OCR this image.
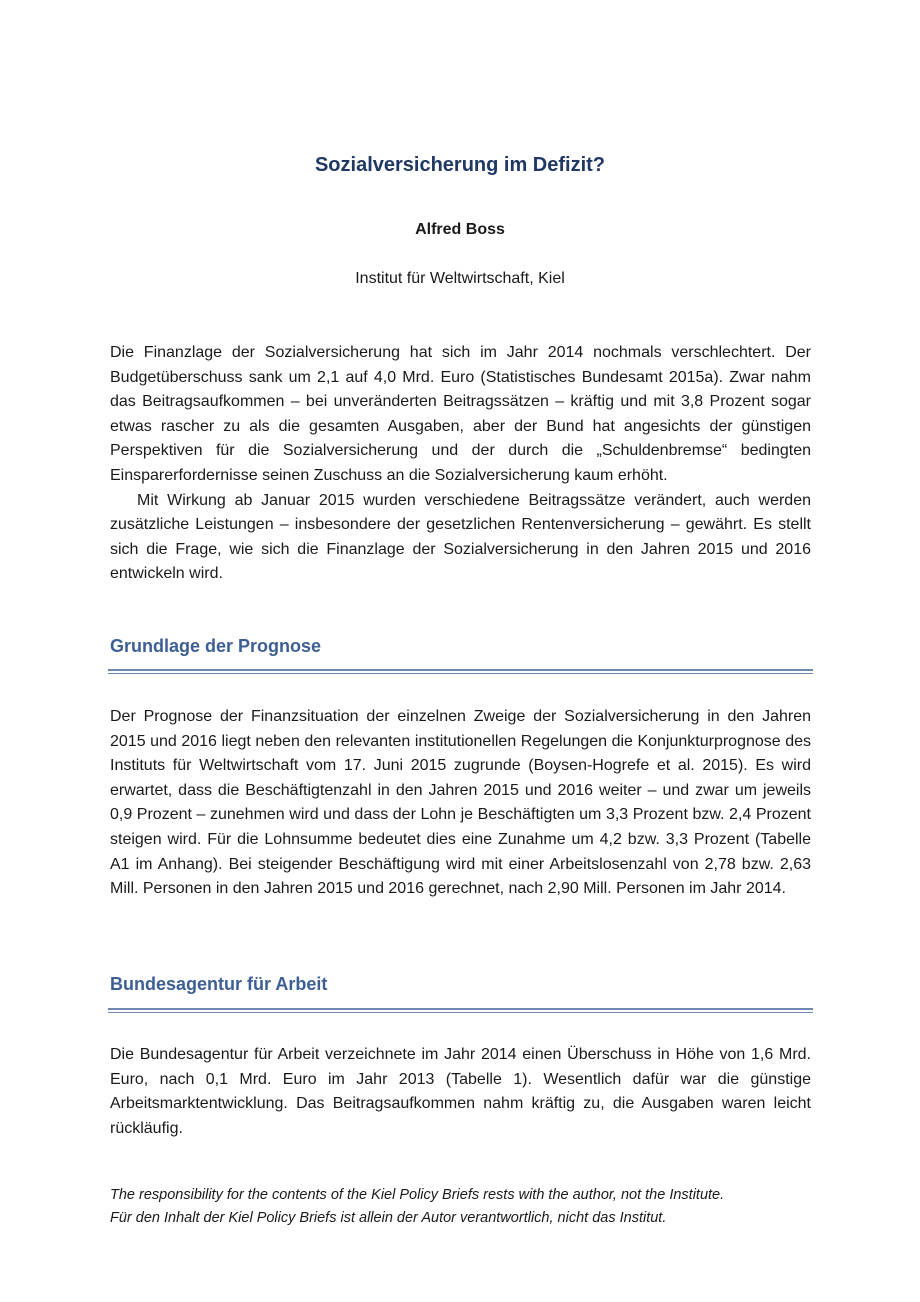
Sozialversicherung im Defizit?
Alfred Boss
Institut für Weltwirtschaft, Kiel

Die Finanzlage der Sozialversicherung hat sich im Jahr 2014 nochmals verschlechtert. Der Budgetüberschuss sank um 2,1 auf 4,0 Mrd. Euro (Statistisches Bundesamt 2015a). Zwar nahm das Beitragsaufkommen – bei unveränderten Beitragssätzen – kräftig und mit 3,8 Prozent sogar etwas rascher zu als die gesamten Ausgaben, aber der Bund hat angesichts der günstigen Perspektiven für die Sozialversicherung und der durch die „Schuldenbremse“ bedingten Einsparerfordernisse seinen Zuschuss an die Sozialversicherung kaum erhöht.

Mit Wirkung ab Januar 2015 wurden verschiedene Beitragssätze verändert, auch werden zusätzliche Leistungen – insbesondere der gesetzlichen Rentenversicherung – gewährt. Es stellt sich die Frage, wie sich die Finanzlage der Sozialversicherung in den Jahren 2015 und 2016 entwickeln wird.

Grundlage der Prognose

Der Prognose der Finanzsituation der einzelnen Zweige der Sozialversicherung in den Jahren 2015 und 2016 liegt neben den relevanten institutionellen Regelungen die Konjunkturprognose des Instituts für Weltwirtschaft vom 17. Juni 2015 zugrunde (Boysen-Hogrefe et al. 2015). Es wird erwartet, dass die Beschäftigtenzahl in den Jahren 2015 und 2016 weiter – und zwar um jeweils 0,9 Prozent – zunehmen wird und dass der Lohn je Beschäftigten um 3,3 Prozent bzw. 2,4 Prozent steigen wird. Für die Lohnsumme bedeutet dies eine Zunahme um 4,2 bzw. 3,3 Prozent (Tabelle A1 im Anhang). Bei steigender Beschäftigung wird mit einer Arbeitslosenzahl von 2,78 bzw. 2,63 Mill. Personen in den Jahren 2015 und 2016 gerechnet, nach 2,90 Mill. Personen im Jahr 2014.

Bundesagentur für Arbeit

Die Bundesagentur für Arbeit verzeichnete im Jahr 2014 einen Überschuss in Höhe von 1,6 Mrd. Euro, nach 0,1 Mrd. Euro im Jahr 2013 (Tabelle 1). Wesentlich dafür war die günstige Arbeitsmarktentwicklung. Das Beitragsaufkommen nahm kräftig zu, die Ausgaben waren leicht rückläufig.

The responsibility for the contents of the Kiel Policy Briefs rests with the author, not the Institute.

Für den Inhalt der Kiel Policy Briefs ist allein der Autor verantwortlich, nicht das Institut.
